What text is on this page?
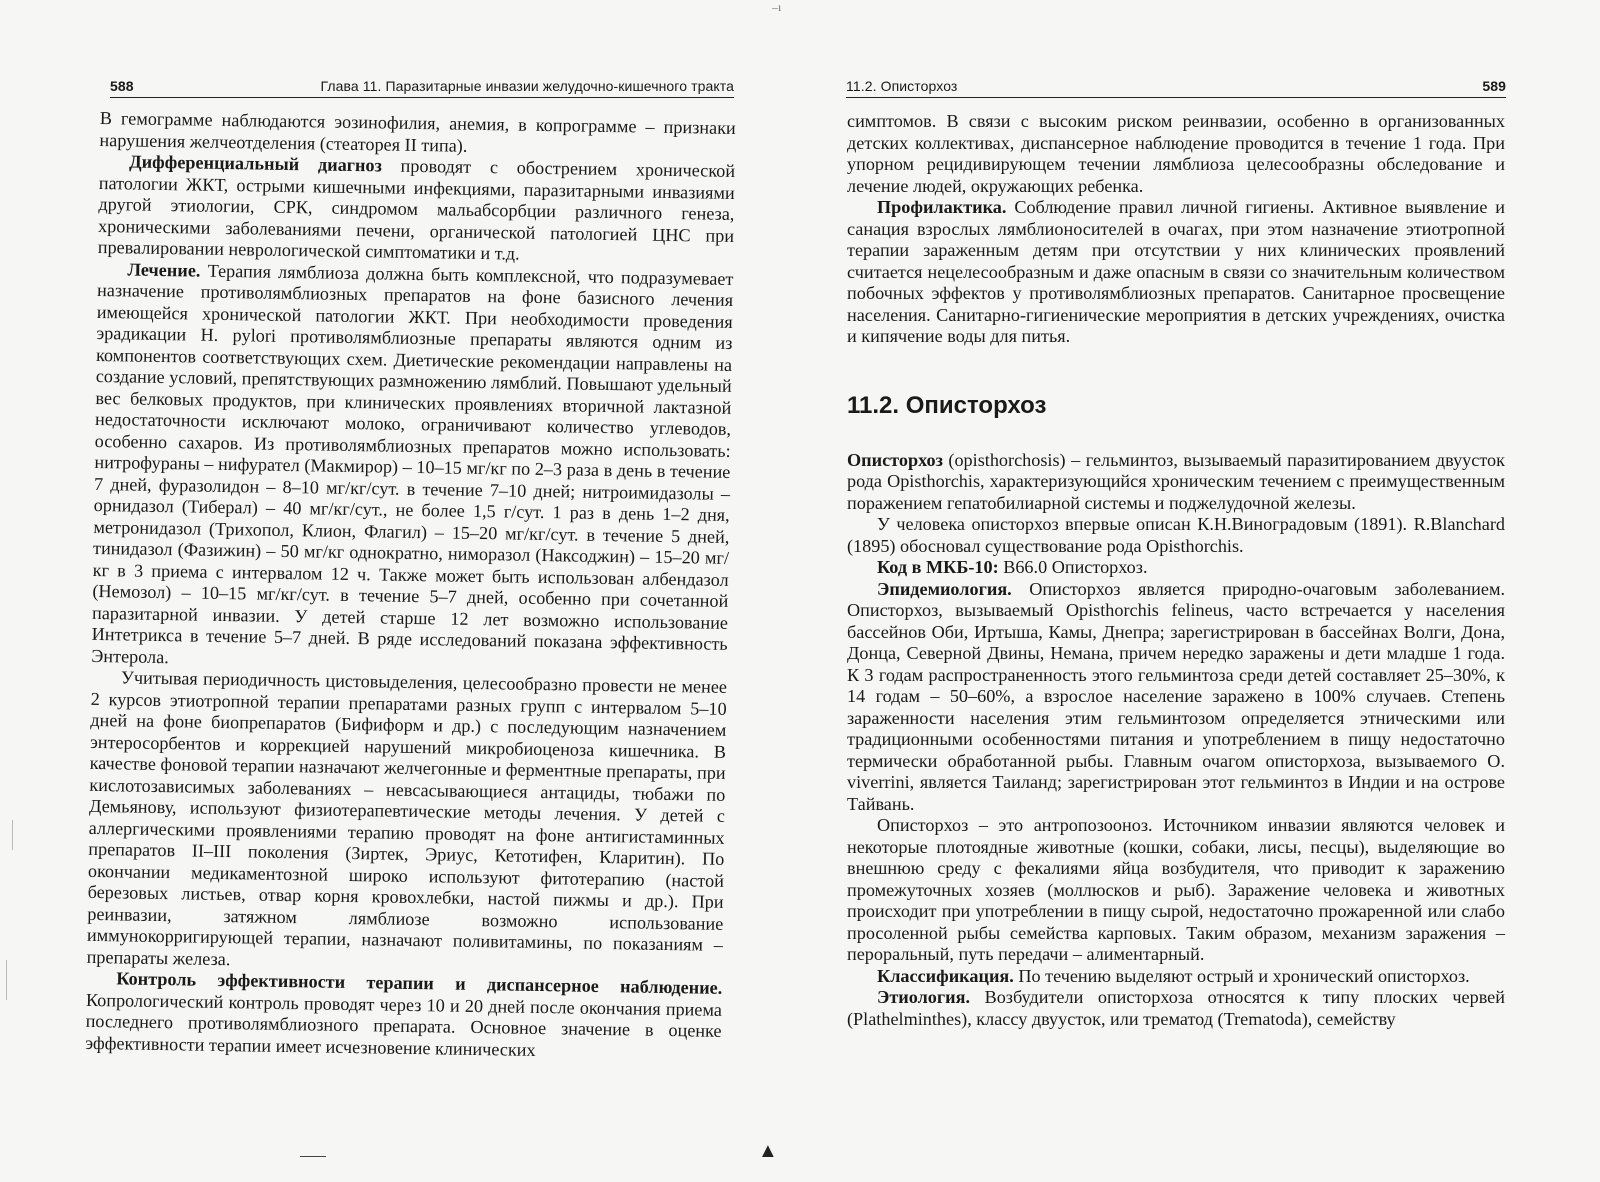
–ı
588	Глава 11. Паразитарные инвазии желудочно-кишечного тракта

В гемограмме наблюдаются эозинофилия, анемия, в копрограмме – признаки нарушения желчеотделения (стеаторея II типа).

Дифференциальный диагноз проводят с обострением хронической патологии ЖКТ, острыми кишечными инфекциями, паразитарными инвазиями другой этиологии, СРК, синдромом мальабсорбции различного генеза, хроническими заболеваниями печени, органической патологией ЦНС при превалировании неврологической симптоматики и т.д.

Лечение. Терапия лямблиоза должна быть комплексной, что подразумевает назначение противолямблиозных препаратов на фоне базисного лечения имеющейся хронической патологии ЖКТ. При необходимости проведения эрадикации H. pylori противолямблиозные препараты являются одним из компонентов соответствующих схем. Диетические рекомендации направлены на создание условий, препятствующих размножению лямблий. Повышают удельный вес белковых продуктов, при клинических проявлениях вторичной лактазной недостаточности исключают молоко, ограничивают количество углеводов, особенно сахаров. Из противолямблиозных препаратов можно использовать: нитрофураны – нифурател (Макмирор) – 10–15 мг/кг по 2–3 раза в день в течение 7 дней, фуразолидон – 8–10 мг/кг/сут. в течение 7–10 дней; нитроимидазолы – орнидазол (Тиберал) – 40 мг/кг/сут., не более 1,5 г/сут. 1 раз в день 1–2 дня, метронидазол (Трихопол, Клион, Флагил) – 15–20 мг/кг/сут. в течение 5 дней, тинидазол (Фазижин) – 50 мг/кг однократно, ниморазол (Наксоджин) – 15–20 мг/кг в 3 приема с интервалом 12 ч. Также может быть использован албендазол (Немозол) – 10–15 мг/кг/сут. в течение 5–7 дней, особенно при сочетанной паразитарной инвазии. У детей старше 12 лет возможно использование Интетрикса в течение 5–7 дней. В ряде исследований показана эффективность Энтерола.

Учитывая периодичность цистовыделения, целесообразно провести не менее 2 курсов этиотропной терапии препаратами разных групп с интервалом 5–10 дней на фоне биопрепаратов (Бифиформ и др.) с последующим назначением энтеросорбентов и коррекцией нарушений микробиоценоза кишечника. В качестве фоновой терапии назначают желчегонные и ферментные препараты, при кислотозависимых заболеваниях – невсасывающиеся антациды, тюбажи по Демьянову, используют физиотерапевтические методы лечения. У детей с аллергическими проявлениями терапию проводят на фоне антигистаминных препаратов II–III поколения (Зиртек, Эриус, Кетотифен, Кларитин). По окончании медикаментозной широко используют фитотерапию (настой березовых листьев, отвар корня кровохлебки, настой пижмы и др.). При реинвазии, затяжном лямблиозе возможно использование иммунокорригирующей терапии, назначают поливитамины, по показаниям – препараты железа.

Контроль эффективности терапии и диспансерное наблюдение. Копрологический контроль проводят через 10 и 20 дней после окончания приема последнего противолямблиозного препарата. Основное значение в оценке эффективности терапии имеет исчезновение клинических

11.2. Описторхоз	589

симптомов. В связи с высоким риском реинвазии, особенно в организованных детских коллективах, диспансерное наблюдение проводится в течение 1 года. При упорном рецидивирующем течении лямблиоза целесообразны обследование и лечение людей, окружающих ребенка.

Профилактика. Соблюдение правил личной гигиены. Активное выявление и санация взрослых лямблионосителей в очагах, при этом назначение этиотропной терапии зараженным детям при отсутствии у них клинических проявлений считается нецелесообразным и даже опасным в связи со значительным количеством побочных эффектов у противолямблиозных препаратов. Санитарное просвещение населения. Санитарно-гигиенические мероприятия в детских учреждениях, очистка и кипячение воды для питья.

11.2. Описторхоз

Описторхоз (opisthorchosis) – гельминтоз, вызываемый паразитированием двуусток рода Opisthorchis, характеризующийся хроническим течением с преимущественным поражением гепатобилиарной системы и поджелудочной железы.

У человека описторхоз впервые описан К.Н.Виноградовым (1891). R.Blanchard (1895) обосновал существование рода Opisthorchis.

Код в МКБ-10: B66.0 Описторхоз.

Эпидемиология. Описторхоз является природно-очаговым заболеванием. Описторхоз, вызываемый Opisthorchis felineus, часто встречается у населения бассейнов Оби, Иртыша, Камы, Днепра; зарегистрирован в бассейнах Волги, Дона, Донца, Северной Двины, Немана, причем нередко заражены и дети младше 1 года. К 3 годам распространенность этого гельминтоза среди детей составляет 25–30%, к 14 годам – 50–60%, а взрослое население заражено в 100% случаев. Степень зараженности населения этим гельминтозом определяется этническими или традиционными особенностями питания и употреблением в пищу недостаточно термически обработанной рыбы. Главным очагом описторхоза, вызываемого O. viverrini, является Таиланд; зарегистрирован этот гельминтоз в Индии и на острове Тайвань.

Описторхоз – это антропозооноз. Источником инвазии являются человек и некоторые плотоядные животные (кошки, собаки, лисы, песцы), выделяющие во внешнюю среду с фекалиями яйца возбудителя, что приводит к заражению промежуточных хозяев (моллюсков и рыб). Заражение человека и животных происходит при употреблении в пищу сырой, недостаточно прожаренной или слабо просоленной рыбы семейства карповых. Таким образом, механизм заражения – пероральный, путь передачи – алиментарный.

Классификация. По течению выделяют острый и хронический описторхоз.

Этиология. Возбудители описторхоза относятся к типу плоских червей (Plathelminthes), классу двуусток, или трематод (Trematoda), семейству

▲
